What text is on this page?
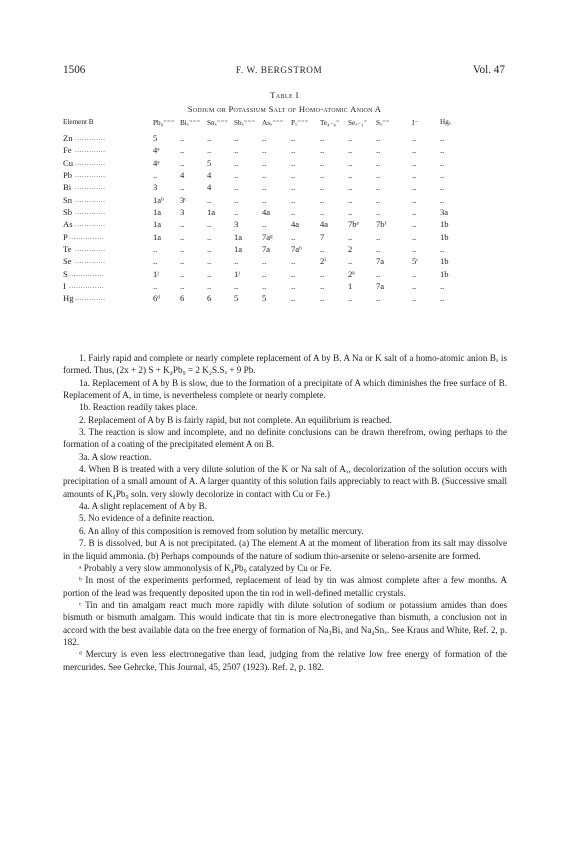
1506	F. W. BERGSTROM	Vol. 47
Table I
Sodium or Potassium Salt of Homo-atomic Anion A
Element B	Pb₉⁼⁼⁼ Biₓ⁼⁼⁼ Snₓ⁼⁼⁼ Sbₓ⁼⁼⁼ Asₓ⁼⁼⁼ Pₓ⁼⁼⁼ Te₄₋₄⁼ Seₓ₋₁⁼ Sₓ⁼⁼	I⁻	Hgₓ
Zn .............	5	..	..	..	..	..	..	..	..	..	..
Fe .............	4ᵃ ..	..	..	..	..	..	..	..	..	..
Cu .............	4ᵃ ..	5	..	..	..	..	..	..	..	..
Pb .............	..	4	4	..	..	..	..	..	..	..	..
Bi .............	3	..	4	..	..	..	..	..	..	..	..
Sn .............	1aᵇ 3ᶜ ..	..	..	..	..	..	..	..	..
Sb .............	1a 3	1a ..	4a ..	..	..	..	..	3a
As .............	1a ..	..	3	..	4a 4a 7bᵉ 7bᶠ	..	1b
P ...............	1a ..	..	1a 7aᵍ ..	7	..	..	..	1b
Te .............	..	..	..	1a 7a 7aʰ ..	2	..	..	..
Se .............	..	..	..	..	..	..	2ⁱ	..	7a	5ᵗ	1b
S ...............	1ʲ ..	..	1ʲ	..	..	..	2ᵏ ..	..	1b
I ...............	..	..	..	..	..	..	..	1	7a	..	..
Hg .............	6ᵈ 6	6	5	5	..	..	..	..	..	..

1. Fairly rapid and complete or nearly complete replacement of A by B. A Na or K salt of a homo-atomic anion Bₓ is formed. Thus, (2x + 2) S + K₄Pb₉ = 2 K₂S.Sₓ + 9 Pb.

1a. Replacement of A by B is slow, due to the formation of a precipitate of A which diminishes the free surface of B. Replacement of A, in time, is nevertheless complete or nearly complete.

1b. Reaction readily takes place.

2. Replacement of A by B is fairly rapid, but not complete. An equilibrium is reached.

3. The reaction is slow and incomplete, and no definite conclusions can be drawn therefrom, owing perhaps to the formation of a coating of the precipitated element A on B.

3a. A slow reaction.

4. When B is treated with a very dilute solution of the K or Na salt of Aₓ, decolorization of the solution occurs with precipitation of a small amount of A. A larger quantity of this solution fails appreciably to react with B. (Successive small amounts of K₄Pb₉ soln. very slowly decolorize in contact with Cu or Fe.)

4a. A slight replacement of A by B.

5. No evidence of a definite reaction.

6. An alloy of this composition is removed from solution by metallic mercury.

7. B is dissolved, but A is not precipitated. (a) The element A at the moment of liberation from its salt may dissolve in the liquid ammonia. (b) Perhaps compounds of the nature of sodium thio-arsenite or seleno-arsenite are formed.

ᵃ Probably a very slow ammonolysis of K₄Pb₉ catalyzed by Cu or Fe.

ᵇ In most of the experiments performed, replacement of lead by tin was almost complete after a few months. A portion of the lead was frequently deposited upon the tin rod in well-defined metallic crystals.

ᶜ Tin and tin amalgam react much more rapidly with dilute solution of sodium or potassium amides than does bismuth or bismuth amalgam. This would indicate that tin is more electronegative than bismuth, a conclusion not in accord with the best available data on the free energy of formation of Na₃Biₓ and Na₄Snₓ. See Kraus and White, Ref. 2, p. 182.

ᵈ Mercury is even less electronegative than lead, judging from the relative low free energy of formation of the mercurides. See Gehrcke, This Journal, 45, 2507 (1923). Ref. 2, p. 182.
